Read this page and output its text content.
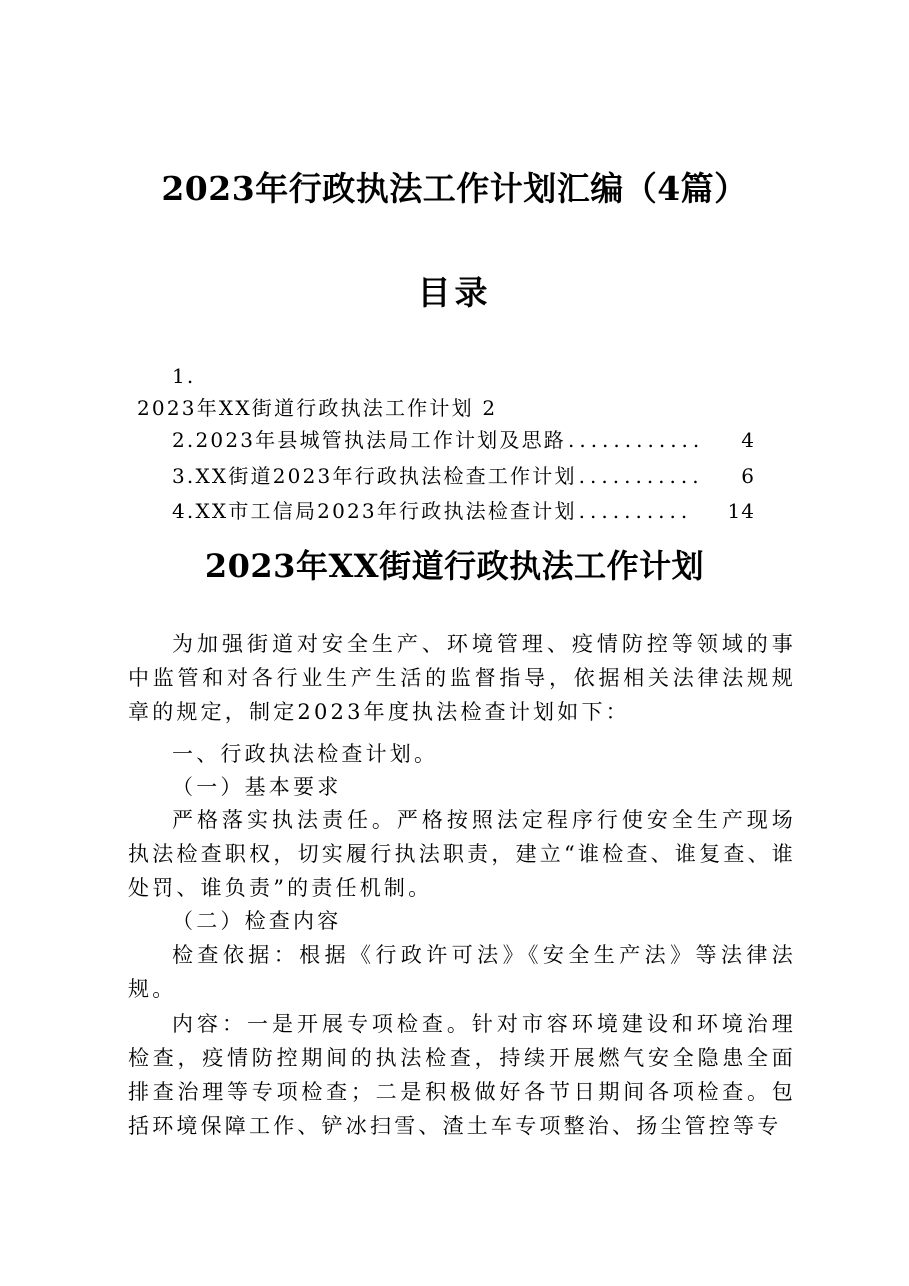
2023年行政执法工作计划汇编（4篇）
目录
1.
2023年XX街道行政执法工作计划 2
2.2023年县城管执法局工作计划及思路 ............	4
3.XX街道2023年行政执法检查工作计划 ...........	6
4.XX市工信局2023年行政执法检查计划 ..........	14
2023年XX街道行政执法工作计划
为加强街道对安全生产、环境管理、疫情防控等领域的事中监管和对各行业生产生活的监督指导，依据相关法律法规规章的规定，制定2023年度执法检查计划如下：
一、行政执法检查计划。
（一）基本要求
严格落实执法责任。严格按照法定程序行使安全生产现场执法检查职权，切实履行执法职责，建立“谁检查、谁复查、谁处罚、谁负责”的责任机制。
（二）检查内容
检查依据：根据《行政许可法》《安全生产法》等法律法规。
内容：一是开展专项检查。针对市容环境建设和环境治理检查，疫情防控期间的执法检查，持续开展燃气安全隐患全面排查治理等专项检查；二是积极做好各节日期间各项检查。包括环境保障工作、铲冰扫雪、渣土车专项整治、扬尘管控等专
